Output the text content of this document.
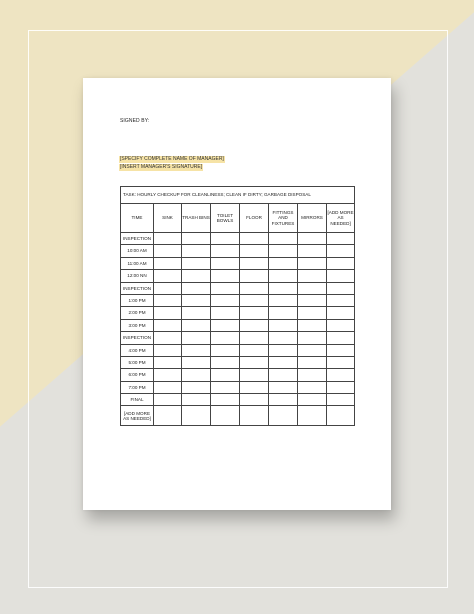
SIGNED BY:
[SPECIFY COMPLETE NAME OF MANAGER]
[INSERT MANAGER'S SIGNATURE]
TASK: HOURLY CHECKUP FOR CLEANLINESS; CLEAN IF DIRTY; GARBAGE DISPOSAL							
TIME	SINK	TRASH BINS	TOILET BOWLS	FLOOR	FITTINGS AND FIXTURES	MIRRORS	[ADD MORE AS NEEDED]
INSPECTION							
10:00 AM							
11:00 AM							
12:00 NN							
INSPECTION							
1:00 PM							
2:00 PM							
3:00 PM							
INSPECTION							
4:00 PM							
5:00 PM							
6:00 PM							
7:00 PM							
FINAL							
[ADD MORE AS NEEDED]							
